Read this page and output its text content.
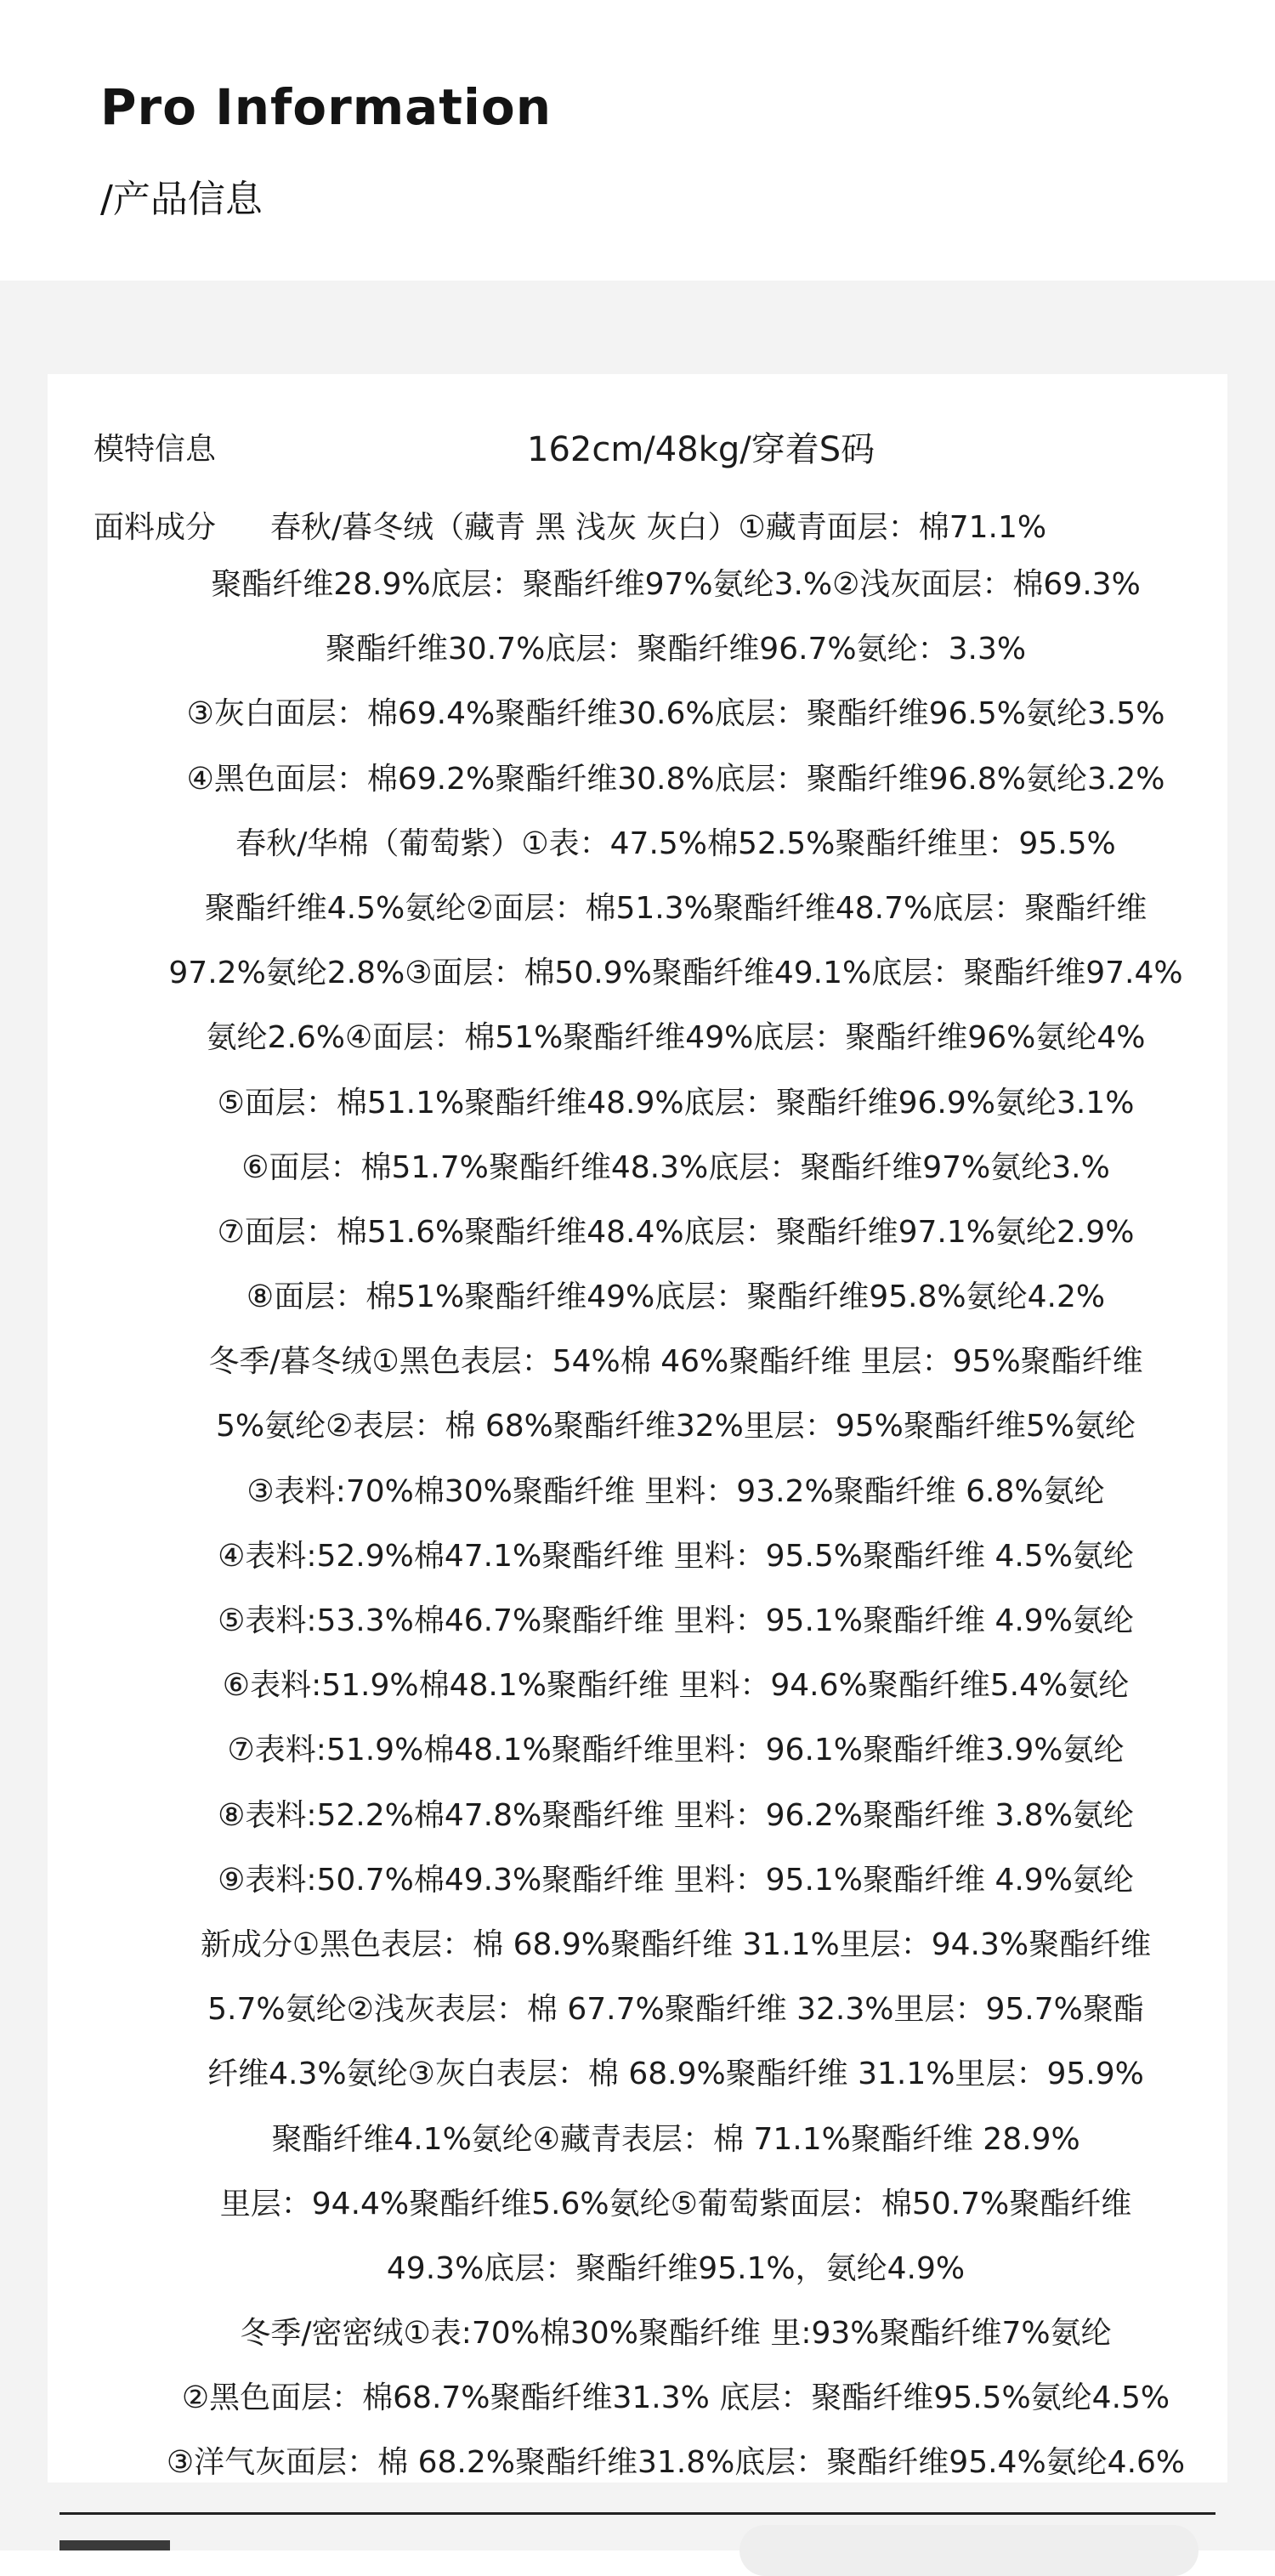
Pro Information
/产品信息
模特信息	162cm/48kg/穿着S码
面料成分 春秋/暮冬绒（藏青 黑 浅灰 灰白）①藏青面层：棉71.1%
聚酯纤维28.9%底层：聚酯纤维97%氨纶3.%②浅灰面层：棉69.3%
聚酯纤维30.7%底层：聚酯纤维96.7%氨纶：3.3%
③灰白面层：棉69.4%聚酯纤维30.6%底层：聚酯纤维96.5%氨纶3.5%
④黑色面层：棉69.2%聚酯纤维30.8%底层：聚酯纤维96.8%氨纶3.2%
春秋/华棉（葡萄紫）①表：47.5%棉52.5%聚酯纤维里：95.5%
聚酯纤维4.5%氨纶②面层：棉51.3%聚酯纤维48.7%底层：聚酯纤维
97.2%氨纶2.8%③面层：棉50.9%聚酯纤维49.1%底层：聚酯纤维97.4%
氨纶2.6%④面层：棉51%聚酯纤维49%底层：聚酯纤维96%氨纶4%
⑤面层：棉51.1%聚酯纤维48.9%底层：聚酯纤维96.9%氨纶3.1%
⑥面层：棉51.7%聚酯纤维48.3%底层：聚酯纤维97%氨纶3.%
⑦面层：棉51.6%聚酯纤维48.4%底层：聚酯纤维97.1%氨纶2.9%
⑧面层：棉51%聚酯纤维49%底层：聚酯纤维95.8%氨纶4.2%
冬季/暮冬绒①黑色表层：54%棉 46%聚酯纤维 里层：95%聚酯纤维
5%氨纶②表层：棉 68%聚酯纤维32%里层：95%聚酯纤维5%氨纶
③表料:70%棉30%聚酯纤维 里料：93.2%聚酯纤维 6.8%氨纶
④表料:52.9%棉47.1%聚酯纤维 里料：95.5%聚酯纤维 4.5%氨纶
⑤表料:53.3%棉46.7%聚酯纤维 里料：95.1%聚酯纤维 4.9%氨纶
⑥表料:51.9%棉48.1%聚酯纤维 里料：94.6%聚酯纤维5.4%氨纶
⑦表料:51.9%棉48.1%聚酯纤维里料：96.1%聚酯纤维3.9%氨纶
⑧表料:52.2%棉47.8%聚酯纤维 里料：96.2%聚酯纤维 3.8%氨纶
⑨表料:50.7%棉49.3%聚酯纤维 里料：95.1%聚酯纤维 4.9%氨纶
新成分①黑色表层：棉 68.9%聚酯纤维 31.1%里层：94.3%聚酯纤维
5.7%氨纶②浅灰表层：棉 67.7%聚酯纤维 32.3%里层：95.7%聚酯
纤维4.3%氨纶③灰白表层：棉 68.9%聚酯纤维 31.1%里层：95.9%
聚酯纤维4.1%氨纶④藏青表层：棉 71.1%聚酯纤维 28.9%
里层：94.4%聚酯纤维5.6%氨纶⑤葡萄紫面层：棉50.7%聚酯纤维
49.3%底层：聚酯纤维95.1%，氨纶4.9%
冬季/密密绒①表:70%棉30%聚酯纤维 里:93%聚酯纤维7%氨纶
②黑色面层：棉68.7%聚酯纤维31.3% 底层：聚酯纤维95.5%氨纶4.5%
③洋气灰面层：棉 68.2%聚酯纤维31.8%底层：聚酯纤维95.4%氨纶4.6%
